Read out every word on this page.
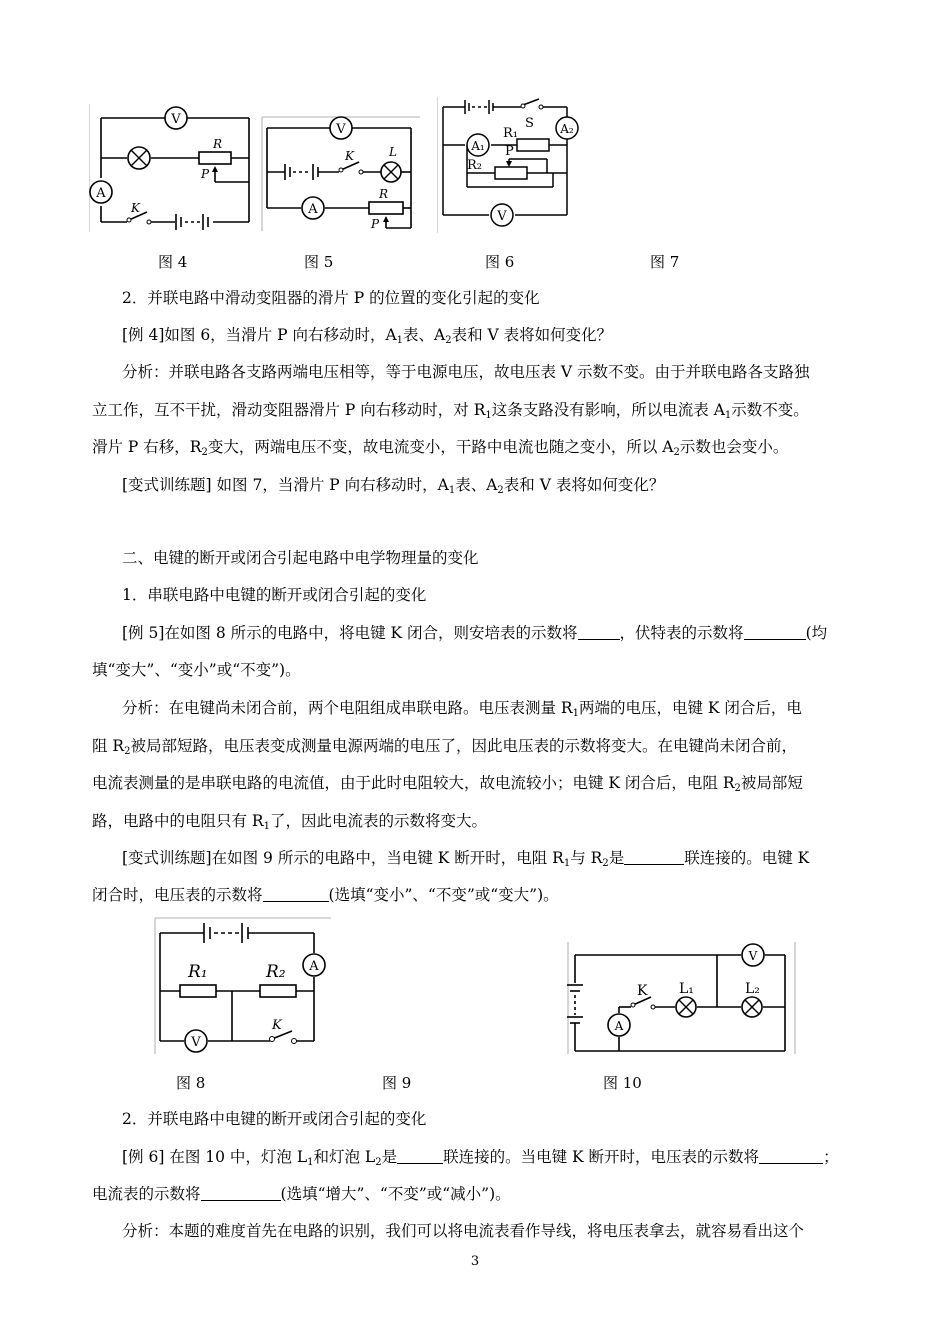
V
A
R
P
K
图 4
V
A
K	L
R
P
图 5
A₂
A₁
V
S
R₁
R₂
P
图 6	图 7
2．并联电路中滑动变阻器的滑片 P 的位置的变化引起的变化
[例 4]如图 6，当滑片 P 向右移动时，$A_1$表、$A_2$表和 V 表将如何变化？
分析：并联电路各支路两端电压相等，等于电源电压，故电压表 V 示数不变。由于并联电路各支路独
立工作，互不干扰，滑动变阻器滑片 P 向右移动时，对 $R_1$这条支路没有影响，所以电流表 $A_1$示数不变。
滑片 P 右移，$R_2$变大，两端电压不变，故电流变小，干路中电流也随之变小，所以 $A_2$示数也会变小。
[变式训练题] 如图 7，当滑片 P 向右移动时，$A_1$表、$A_2$表和 V 表将如何变化？
二、电键的断开或闭合引起电路中电学物理量的变化
1．串联电路中电键的断开或闭合引起的变化
[例 5]在如图 8 所示的电路中，将电键 K 闭合，则安培表的示数将	，伏特表的示数将	(均
填“变大”、“变小”或“不变”)。
分析：在电键尚未闭合前，两个电阻组成串联电路。电压表测量 $R_1$两端的电压，电键 K 闭合后，电
阻 $R_2$被局部短路，电压表变成测量电源两端的电压了，因此电压表的示数将变大。在电键尚未闭合前，
电流表测量的是串联电路的电流值，由于此时电阻较大，故电流较小；电键 K 闭合后，电阻 $R_2$被局部短
路，电路中的电阻只有 $R_1$了，因此电流表的示数将变大。
[变式训练题]在如图 9 所示的电路中，当电键 K 断开时，电阻 $R_1$与 $R_2$是	联连接的。电键 K
闭合时，电压表的示数将	(选填“变小”、“不变”或“变大”)。
A
V
R₁	R₂
K
V
A
K L₁	L₂
图 8	图 9	图 10
2．并联电路中电键的断开或闭合引起的变化
[例 6] 在图 10 中，灯泡 $L_1$和灯泡 $L_2$是	联连接的。当电键 K 断开时，电压表的示数将	；
电流表的示数将	(选填“增大”、“不变”或“减小”)。
分析：本题的难度首先在电路的识别，我们可以将电流表看作导线，将电压表拿去，就容易看出这个
3
